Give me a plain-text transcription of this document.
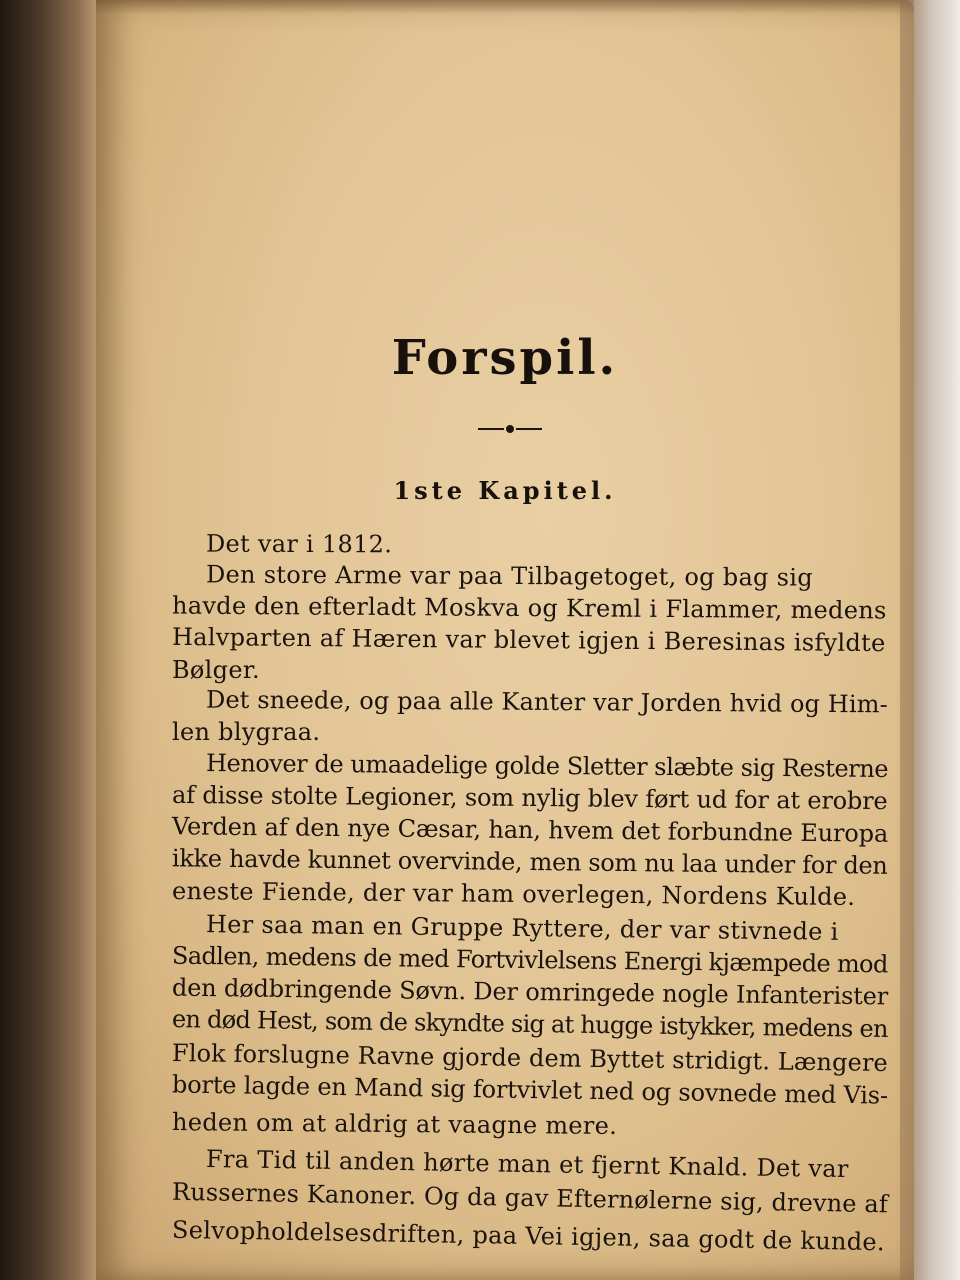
Forspil.
1ste Kapitel.
Det var i 1812.
Den store Arme var paa Tilbagetoget, og bag sig
havde den efterladt Moskva og Kreml i Flammer, medens
Halvparten af Hæren var blevet igjen i Beresinas isfyldte
Bølger.
Det sneede, og paa alle Kanter var Jorden hvid og Him-
len blygraa.
Henover de umaadelige golde Sletter slæbte sig Resterne
af disse stolte Legioner, som nylig blev ført ud for at erobre
Verden af den nye Cæsar, han, hvem det forbundne Europa
ikke havde kunnet overvinde, men som nu laa under for den
eneste Fiende, der var ham overlegen, Nordens Kulde.
Her saa man en Gruppe Ryttere, der var stivnede i
Sadlen, medens de med Fortvivlelsens Energi kjæmpede mod
den dødbringende Søvn. Der omringede nogle Infanterister
en død Hest, som de skyndte sig at hugge istykker, medens en
Flok forslugne Ravne gjorde dem Byttet stridigt. Længere
borte lagde en Mand sig fortvivlet ned og sovnede med Vis-
heden om at aldrig at vaagne mere.
Fra Tid til anden hørte man et fjernt Knald. Det var
Russernes Kanoner. Og da gav Efternølerne sig, drevne af
Selvopholdelsesdriften, paa Vei igjen, saa godt de kunde.
